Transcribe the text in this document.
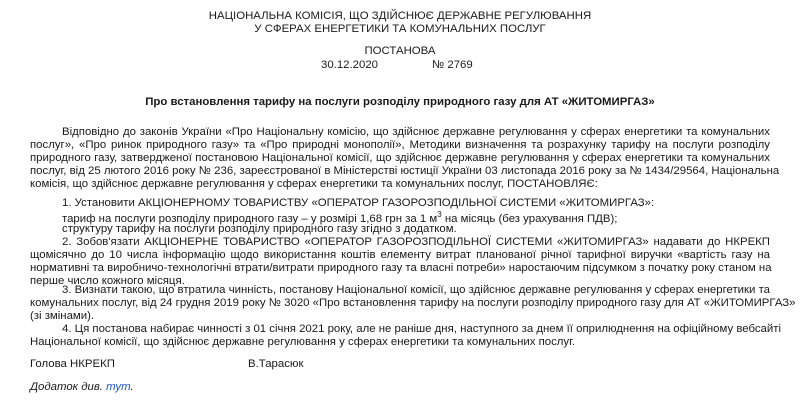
НАЦІОНАЛЬНА КОМІСІЯ, ЩО ЗДІЙСНЮЄ ДЕРЖАВНЕ РЕГУЛЮВАННЯ
У СФЕРАХ ЕНЕРГЕТИКИ ТА КОМУНАЛЬНИХ ПОСЛУГ
ПОСТАНОВА
30.12.2020	№ 2769
Про встановлення тарифу на послуги розподілу природного газу для АТ «ЖИТОМИРГАЗ»
Відповідно до законів України «Про Національну комісію, що здійснює державне регулювання у сферах енергетики та комунальних
послуг», «Про ринок природного газу» та «Про природні монополії», Методики визначення та розрахунку тарифу на послуги розподілу
природного газу, затвердженої постановою Національної комісії, що здійснює державне регулювання у сферах енергетики та комунальних
послуг, від 25 лютого 2016 року № 236, зареєстрованої в Міністерстві юстиції України 03 листопада 2016 року за № 1434/29564, Національна
комісія, що здійснює державне регулювання у сферах енергетики та комунальних послуг, ПОСТАНОВЛЯЄ:
1. Установити АКЦІОНЕРНОМУ ТОВАРИСТВУ «ОПЕРАТОР ГАЗОРОЗПОДІЛЬНОЇ СИСТЕМИ «ЖИТОМИРГАЗ»:
тариф на послуги розподілу природного газу – у розмірі 1,68 грн за 1 $м^3$ на місяць (без урахування ПДВ);
структуру тарифу на послуги розподілу природного газу згідно з додатком.
2. Зобов'язати АКЦІОНЕРНЕ ТОВАРИСТВО «ОПЕРАТОР ГАЗОРОЗПОДІЛЬНОЇ СИСТЕМИ «ЖИТОМИРГАЗ» надавати до НКРЕКП
щомісячно до 10 числа інформацію щодо використання коштів елементу витрат планованої річної тарифної виручки «вартість газу на
нормативні та виробничо-технологічні втрати/витрати природного газу та власні потреби» наростаючим підсумком з початку року станом на
перше число кожного місяця.
3. Визнати такою, що втратила чинність, постанову Національної комісії, що здійснює державне регулювання у сферах енергетики та
комунальних послуг, від 24 грудня 2019 року № 3020 «Про встановлення тарифу на послуги розподілу природного газу для АТ «ЖИТОМИРГАЗ»
(зі змінами).
4. Ця постанова набирає чинності з 01 січня 2021 року, але не раніше дня, наступного за днем її оприлюднення на офіційному вебсайті
Національної комісії, що здійснює державне регулювання у сферах енергетики та комунальних послуг.
Голова НКРЕКП	В.Тарасюк
Додаток див. тут.
